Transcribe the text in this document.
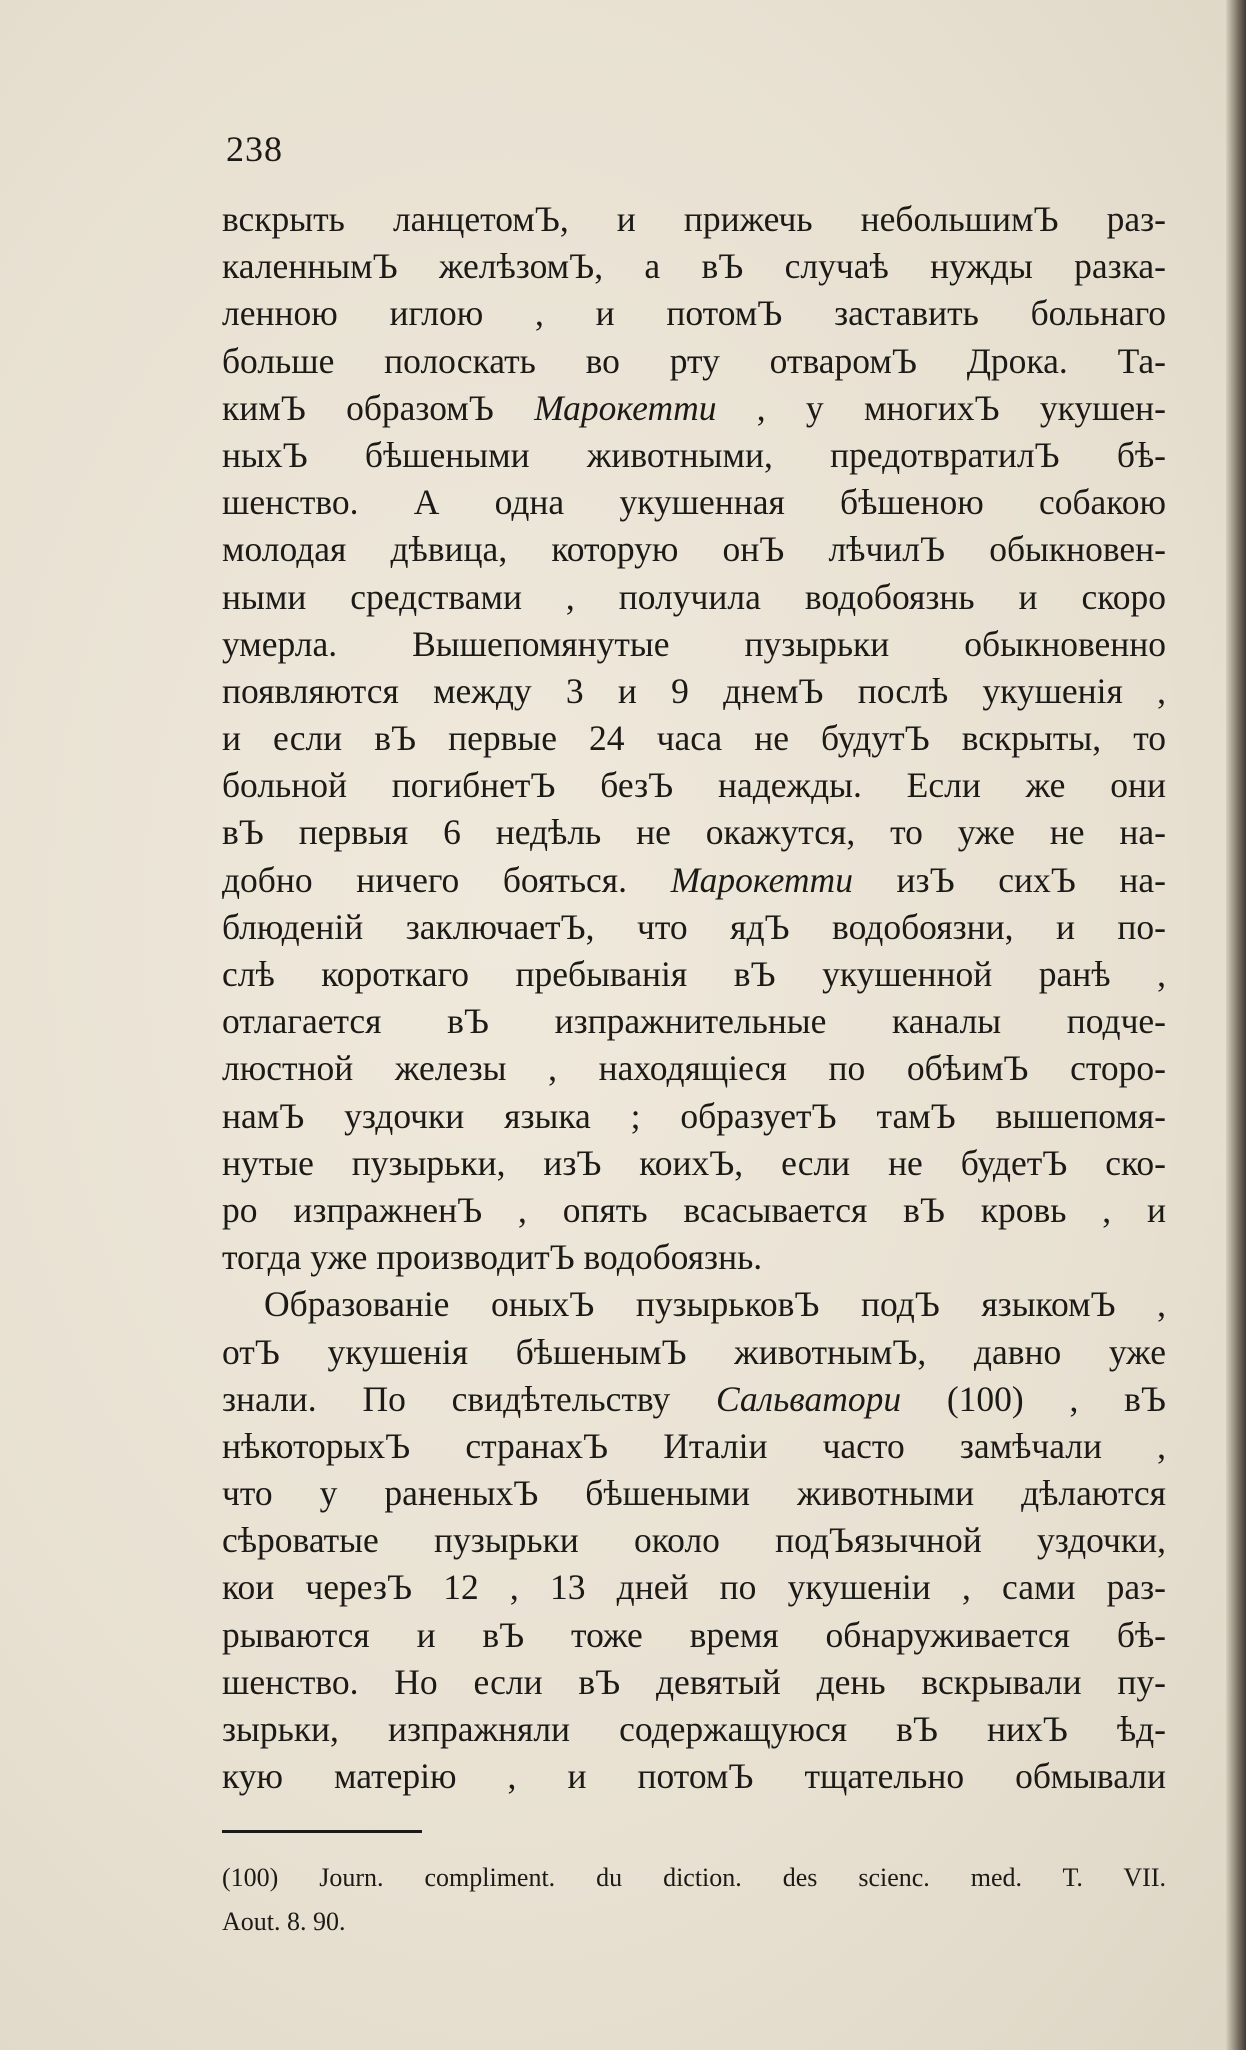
238
вскрыть ланцетомЪ, и прижечь небольшимЪ раз-
каленнымЪ желѣзомЪ, а вЪ случаѣ нужды разка-
ленною иглою , и потомЪ заставить больнаго
больше полоскать во рту отваромЪ Дрока. Та-
кимЪ образомЪ Марокетти , у многихЪ укушен-
ныхЪ бѣшеными животными, предотвратилЪ бѣ-
шенство. А одна укушенная бѣшеною собакою
молодая дѣвица, которую онЪ лѣчилЪ обыкновен-
ными средствами , получила водобоязнь и скоро
умерла. Вышепомянутые пузырьки обыкновенно
появляются между 3 и 9 днемЪ послѣ укушенія ,
и если вЪ первые 24 часа не будутЪ вскрыты, то
больной погибнетЪ безЪ надежды. Если же они
вЪ первыя 6 недѣль не окажутся, то уже не на-
добно ничего бояться. Марокетти изЪ сихЪ на-
блюденій заключаетЪ, что ядЪ водобоязни, и по-
слѣ короткаго пребыванія вЪ укушенной ранѣ ,
отлагается вЪ изпражнительные каналы подче-
люстной железы , находящіеся по обѣимЪ сторо-
намЪ уздочки языка ; образуетЪ тамЪ вышепомя-
нутые пузырьки, изЪ коихЪ, если не будетЪ ско-
ро изпражненЪ , опять всасывается вЪ кровь , и
тогда уже производитЪ водобоязнь.
Образованіе оныхЪ пузырьковЪ подЪ языкомЪ ,
отЪ укушенія бѣшенымЪ животнымЪ, давно уже
знали. По свидѣтельству Сальватори (100) , вЪ
нѣкоторыхЪ странахЪ Италіи часто замѣчали ,
что у раненыхЪ бѣшеными животными дѣлаются
сѣроватые пузырьки около подЪязычной уздочки,
кои черезЪ 12 , 13 дней по укушеніи , сами раз-
рываются и вЪ тоже время обнаруживается бѣ-
шенство. Но если вЪ девятый день вскрывали пу-
зырьки, изпражняли содержащуюся вЪ нихЪ ѣд-
кую матерію , и потомЪ тщательно обмывали
(100) Journ. compliment. du diction. des scienc. med. T. VII.
Aout. 8. 90.
